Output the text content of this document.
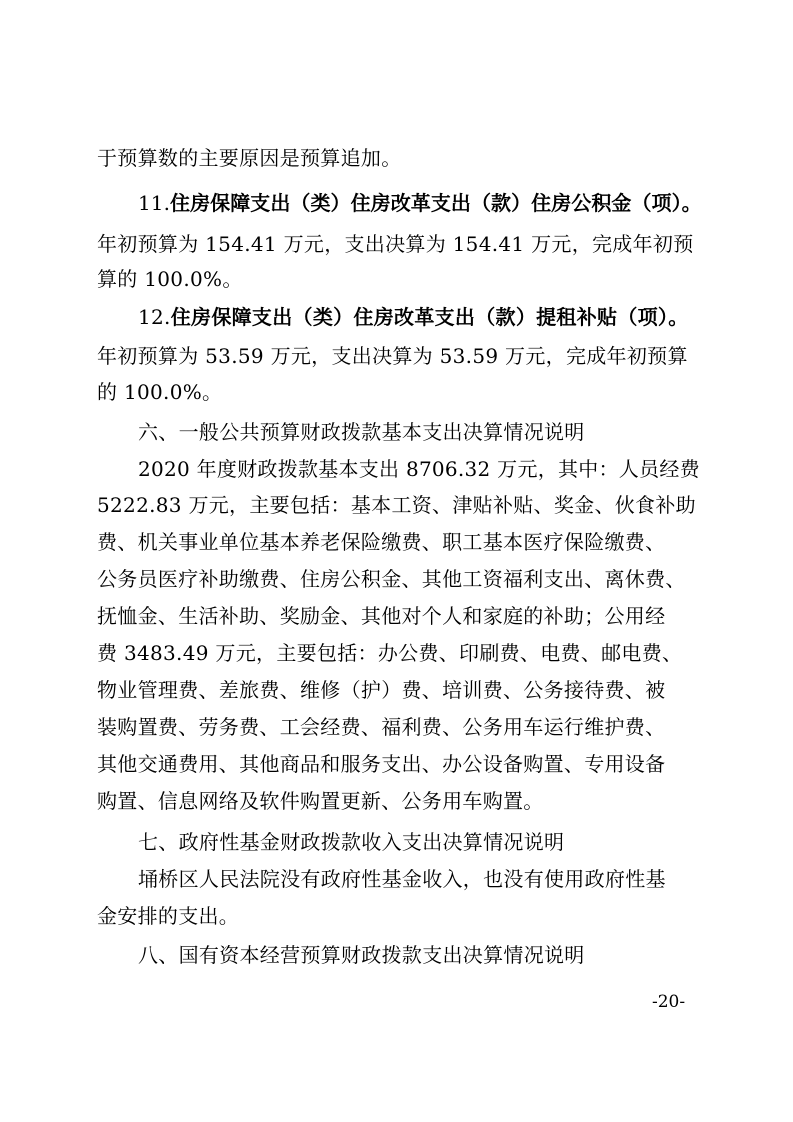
于预算数的主要原因是预算追加。
11.住房保障支出（类）住房改革支出（款）住房公积金（项）。
年初预算为 154.41 万元，支出决算为 154.41 万元，完成年初预
算的 100.0%。
12.住房保障支出（类）住房改革支出（款）提租补贴（项）。
年初预算为 53.59 万元，支出决算为 53.59 万元，完成年初预算
的 100.0%。
六、一般公共预算财政拨款基本支出决算情况说明
2020 年度财政拨款基本支出 8706.32 万元，其中：人员经费
5222.83 万元，主要包括：基本工资、津贴补贴、奖金、伙食补助
费、机关事业单位基本养老保险缴费、职工基本医疗保险缴费、
公务员医疗补助缴费、住房公积金、其他工资福利支出、离休费、
抚恤金、生活补助、奖励金、其他对个人和家庭的补助；公用经
费 3483.49 万元，主要包括：办公费、印刷费、电费、邮电费、
物业管理费、差旅费、维修（护）费、培训费、公务接待费、被
装购置费、劳务费、工会经费、福利费、公务用车运行维护费、
其他交通费用、其他商品和服务支出、办公设备购置、专用设备
购置、信息网络及软件购置更新、公务用车购置。
七、政府性基金财政拨款收入支出决算情况说明
埇桥区人民法院没有政府性基金收入，也没有使用政府性基
金安排的支出。
八、国有资本经营预算财政拨款支出决算情况说明
-20-
